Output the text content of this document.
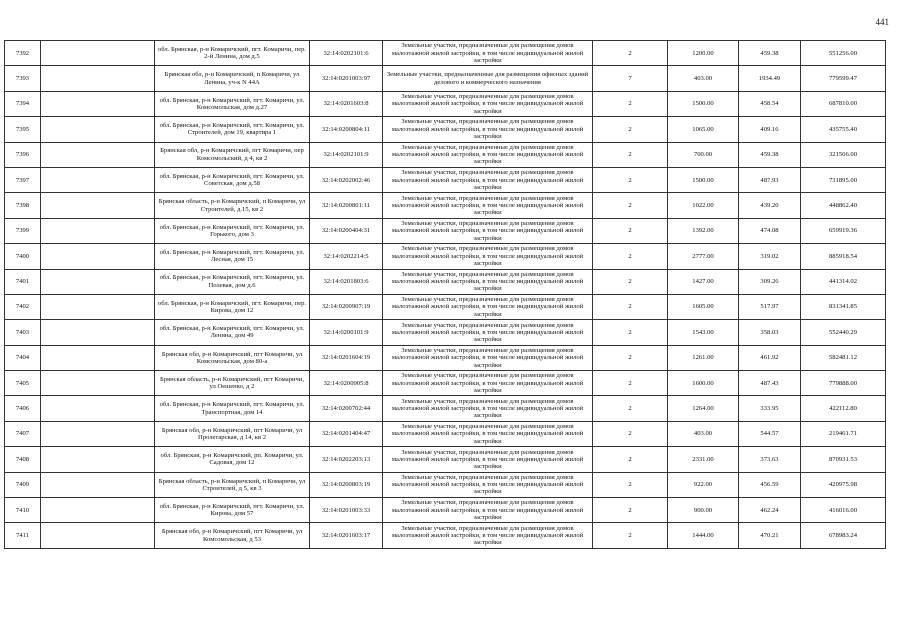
441
7392		обл. Брянская, р-н Комаричский, пгт. Комаричи, пер. 2-й Ленина, дом д.5	32:14:0202101:6	Земельные участки, предназначенные для размещения домов малоэтажной жилой застройки, в том числе индивидуальной жилой застройки	2	1200.00	459.38	551256.00
7393		Брянская обл, р-н Комаричский, п Комаричи, ул Ленина, уч-к N 44А	32:14:0201003:97	Земельные участки, предназначенные для размещения офисных зданий делового и коммерческого назначения	7	403.00	1934.49	779599.47
7394		обл. Брянская, р-н Комаричский, пгт. Комаричи, ул. Комсомольская, дом д.27	32:14:0201603:8	Земельные участки, предназначенные для размещения домов малоэтажной жилой застройки, в том числе индивидуальной жилой застройки	2	1500.00	458.54	687810.00
7395		обл. Брянская, р-н Комаричский, пгт. Комаричи, ул. Строителей, дом 19, квартира 1	32:14:0200804:11	Земельные участки, предназначенные для размещения домов малоэтажной жилой застройки, в том числе индивидуальной жилой застройки	2	1065.00	409.16	435755.40
7396		Брянская обл, р-н Комаричский, пгт Комаричи, пер Комсомольский, д 4, кв 2	32:14:0202101:9	Земельные участки, предназначенные для размещения домов малоэтажной жилой застройки, в том числе индивидуальной жилой застройки	2	700.00	459.38	321566.00
7397		обл. Брянская, р-н Комаричский, пгт. Комаричи, ул. Советская, дом д.58	32:14:0202002:46	Земельные участки, предназначенные для размещения домов малоэтажной жилой застройки, в том числе индивидуальной жилой застройки	2	1500.00	487.93	731895.00
7398		Брянская область, р-н Комаричский, п Комаричи, ул Строителей, д.15, кв 2	32:14:0200801:11	Земельные участки, предназначенные для размещения домов малоэтажной жилой застройки, в том числе индивидуальной жилой застройки	2	1022.00	439.20	448862.40
7399		обл. Брянская, р-н Комаричский, пгт. Комаричи, ул. Горького, дом 3	32:14:0200404:31	Земельные участки, предназначенные для размещения домов малоэтажной жилой застройки, в том числе индивидуальной жилой застройки	2	1392.00	474.08	659919.36
7400		обл. Брянская, р-н Комаричский, пгт. Комаричи, ул. Лесная, дом 15	32:14:0202214:5	Земельные участки, предназначенные для размещения домов малоэтажной жилой застройки, в том числе индивидуальной жилой застройки	2	2777.00	319.02	885918.54
7401		обл. Брянская, р-н Комаричский, пгт. Комаричи, ул. Полевая, дом д.6	32:14:0201803:6	Земельные участки, предназначенные для размещения домов малоэтажной жилой застройки, в том числе индивидуальной жилой застройки	2	1427.00	309.26	441314.02
7402		обл. Брянская, р-н Комаричский, пгт. Комаричи, пер. Кирова, дом 12	32:14:0200907:19	Земельные участки, предназначенные для размещения домов малоэтажной жилой застройки, в том числе индивидуальной жилой застройки	2	1605.00	517.97	831341.85
7403		обл. Брянская, р-н Комаричский, пгт. Комаричи, ул. Ленина, дом 49	32:14:0200101:9	Земельные участки, предназначенные для размещения домов малоэтажной жилой застройки, в том числе индивидуальной жилой застройки	2	1543.00	358.03	552440.29
7404		Брянская обл, р-н Комаричский, пгт Комаричи, ул Комсомольская, дом 80-а	32:14:0201604:19	Земельные участки, предназначенные для размещения домов малоэтажной жилой застройки, в том числе индивидуальной жилой застройки	2	1261.00	461.92	582481.12
7405		Брянская область, р-н Комаричский, пгт Комаричи, ул Оешенко, д 2	32:14:0200905:8	Земельные участки, предназначенные для размещения домов малоэтажной жилой застройки, в том числе индивидуальной жилой застройки	2	1600.00	487.43	779888.00
7406		обл. Брянская, р-н Комаричский, пгт. Комаричи, ул. Транспортная, дом 14	32:14:0200702:44	Земельные участки, предназначенные для размещения домов малоэтажной жилой застройки, в том числе индивидуальной жилой застройки	2	1264.00	333.95	422112.80
7407		Брянская обл, р-н Комаричский, пгт Комаричи, ул Пролетарская, д 14, кв 2	32:14:0201404:47	Земельные участки, предназначенные для размещения домов малоэтажной жилой застройки, в том числе индивидуальной жилой застройки	2	403.00	544.57	219461.71
7408		обл. Брянская, р-н Комаричский, рп. Комаричи, ул. Садовая, дом 12	32:14:0202203:13	Земельные участки, предназначенные для размещения домов малоэтажной жилой застройки, в том числе индивидуальной жилой застройки	2	2331.00	373.63	870931.53
7409		Брянская область, р-н Комаричский, п Комаричи, ул Строителей, д 5, кв 3	32:14:0200803:19	Земельные участки, предназначенные для размещения домов малоэтажной жилой застройки, в том числе индивидуальной жилой застройки	2	922.00	456.59	420975.98
7410		обл. Брянская, р-н Комаричский, пгт. Комаричи, ул. Кирова, дом 57	32:14:0201003:33	Земельные участки, предназначенные для размещения домов малоэтажной жилой застройки, в том числе индивидуальной жилой застройки	2	900.00	462.24	416016.00
7411		Брянская обл, р-н Комаричский, пгт Комаричи, ул Комсомольская, д 53	32:14:0201603:17	Земельные участки, предназначенные для размещения домов малоэтажной жилой застройки, в том числе индивидуальной жилой застройки	2	1444.00	470.21	678983.24
